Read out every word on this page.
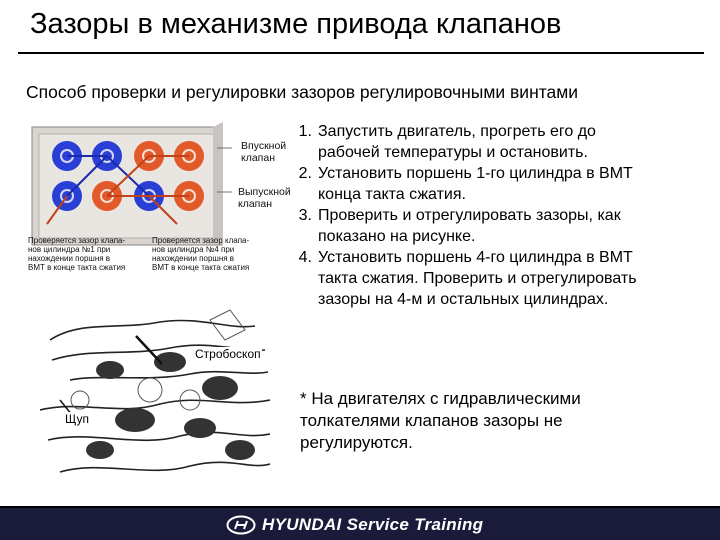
Зазоры в механизме привода клапанов
Способ проверки и регулировки зазоров регулировочными винтами
Впускной
клапан
Выпускной
клапан
Проверяется зазор клапа-
нов цилиндра №1 при
нахождении поршня в
ВМТ в конце такта сжатия
Проверяется зазор клапа-
нов цилиндра №4 при
нахождении поршня в
ВМТ в конце такта сжатия
1. Запустить двигатель, прогреть его до
рабочей температуры и остановить.
2. Установить поршень 1-го цилиндра в ВМТ
конца такта сжатия.
3. Проверить и отрегулировать зазоры, как
показано на рисунке.
4. Установить поршень 4-го цилиндра в ВМТ
такта сжатия. Проверить и отрегулировать
зазоры на 4-м и остальных цилиндрах.
Стробоскоп
Щуп
* На двигателях с гидравлическими
толкателями клапанов зазоры не
регулируются.
HYUNDAI Service Training
